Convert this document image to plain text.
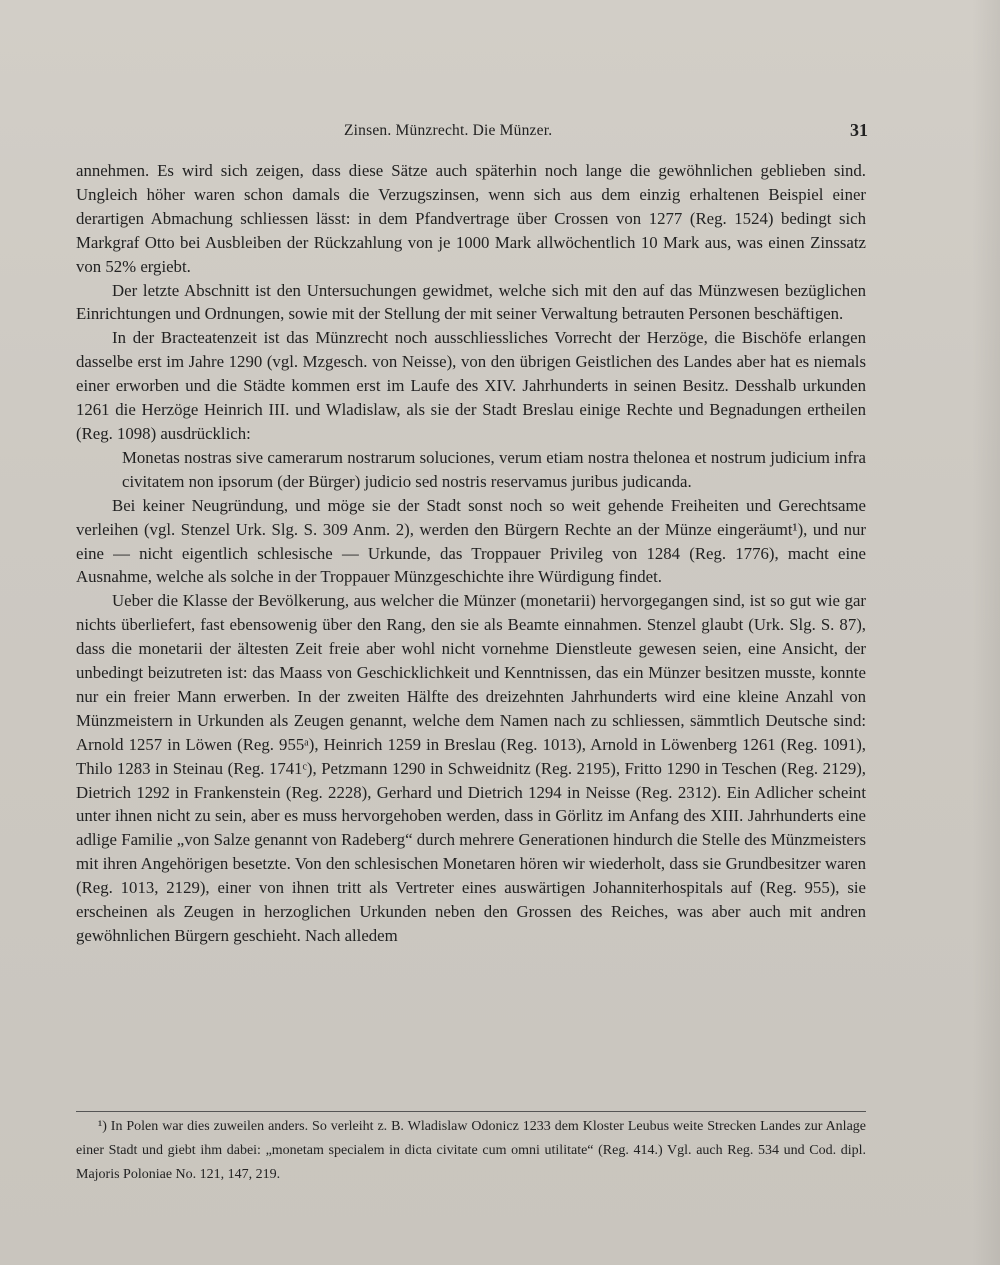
Zinsen. Münzrecht. Die Münzer.	31

annehmen. Es wird sich zeigen, dass diese Sätze auch späterhin noch lange die gewöhnlichen geblieben sind. Ungleich höher waren schon damals die Verzugszinsen, wenn sich aus dem einzig erhaltenen Beispiel einer derartigen Abmachung schliessen lässt: in dem Pfandvertrage über Crossen von 1277 (Reg. 1524) bedingt sich Markgraf Otto bei Ausbleiben der Rückzahlung von je 1000 Mark allwöchentlich 10 Mark aus, was einen Zinssatz von 52% ergiebt.

Der letzte Abschnitt ist den Untersuchungen gewidmet, welche sich mit den auf das Münzwesen bezüglichen Einrichtungen und Ordnungen, sowie mit der Stellung der mit seiner Verwaltung betrauten Personen beschäftigen.

In der Bracteatenzeit ist das Münzrecht noch ausschliessliches Vorrecht der Herzöge, die Bischöfe erlangen dasselbe erst im Jahre 1290 (vgl. Mzgesch. von Neisse), von den übrigen Geistlichen des Landes aber hat es niemals einer erworben und die Städte kommen erst im Laufe des XIV. Jahrhunderts in seinen Besitz. Desshalb urkunden 1261 die Herzöge Heinrich III. und Wladislaw, als sie der Stadt Breslau einige Rechte und Begnadungen ertheilen (Reg. 1098) ausdrücklich:

Monetas nostras sive camerarum nostrarum soluciones, verum etiam nostra thelonea et nostrum judicium infra civitatem non ipsorum (der Bürger) judicio sed nostris reservamus juribus judicanda.

Bei keiner Neugründung, und möge sie der Stadt sonst noch so weit gehende Freiheiten und Gerechtsame verleihen (vgl. Stenzel Urk. Slg. S. 309 Anm. 2), werden den Bürgern Rechte an der Münze eingeräumt¹), und nur eine — nicht eigentlich schlesische — Urkunde, das Troppauer Privileg von 1284 (Reg. 1776), macht eine Ausnahme, welche als solche in der Troppauer Münzgeschichte ihre Würdigung findet.

Ueber die Klasse der Bevölkerung, aus welcher die Münzer (monetarii) hervorgegangen sind, ist so gut wie gar nichts überliefert, fast ebensowenig über den Rang, den sie als Beamte einnahmen. Stenzel glaubt (Urk. Slg. S. 87), dass die monetarii der ältesten Zeit freie aber wohl nicht vornehme Dienstleute gewesen seien, eine Ansicht, der unbedingt beizutreten ist: das Maass von Geschicklichkeit und Kenntnissen, das ein Münzer besitzen musste, konnte nur ein freier Mann erwerben. In der zweiten Hälfte des dreizehnten Jahrhunderts wird eine kleine Anzahl von Münzmeistern in Urkunden als Zeugen genannt, welche dem Namen nach zu schliessen, sämmtlich Deutsche sind: Arnold 1257 in Löwen (Reg. 955ᵃ), Heinrich 1259 in Breslau (Reg. 1013), Arnold in Löwenberg 1261 (Reg. 1091), Thilo 1283 in Steinau (Reg. 1741ᶜ), Petzmann 1290 in Schweidnitz (Reg. 2195), Fritto 1290 in Teschen (Reg. 2129), Dietrich 1292 in Frankenstein (Reg. 2228), Gerhard und Dietrich 1294 in Neisse (Reg. 2312). Ein Adlicher scheint unter ihnen nicht zu sein, aber es muss hervorgehoben werden, dass in Görlitz im Anfang des XIII. Jahrhunderts eine adlige Familie „von Salze genannt von Radeberg“ durch mehrere Generationen hindurch die Stelle des Münzmeisters mit ihren Angehörigen besetzte. Von den schlesischen Monetaren hören wir wiederholt, dass sie Grundbesitzer waren (Reg. 1013, 2129), einer von ihnen tritt als Vertreter eines auswärtigen Johanniterhospitals auf (Reg. 955), sie erscheinen als Zeugen in herzoglichen Urkunden neben den Grossen des Reiches, was aber auch mit andren gewöhnlichen Bürgern geschieht. Nach alledem

¹) In Polen war dies zuweilen anders. So verleiht z. B. Wladislaw Odonicz 1233 dem Kloster Leubus weite Strecken Landes zur Anlage einer Stadt und giebt ihm dabei: „monetam specialem in dicta civitate cum omni utilitate“ (Reg. 414.) Vgl. auch Reg. 534 und Cod. dipl. Majoris Poloniae No. 121, 147, 219.
